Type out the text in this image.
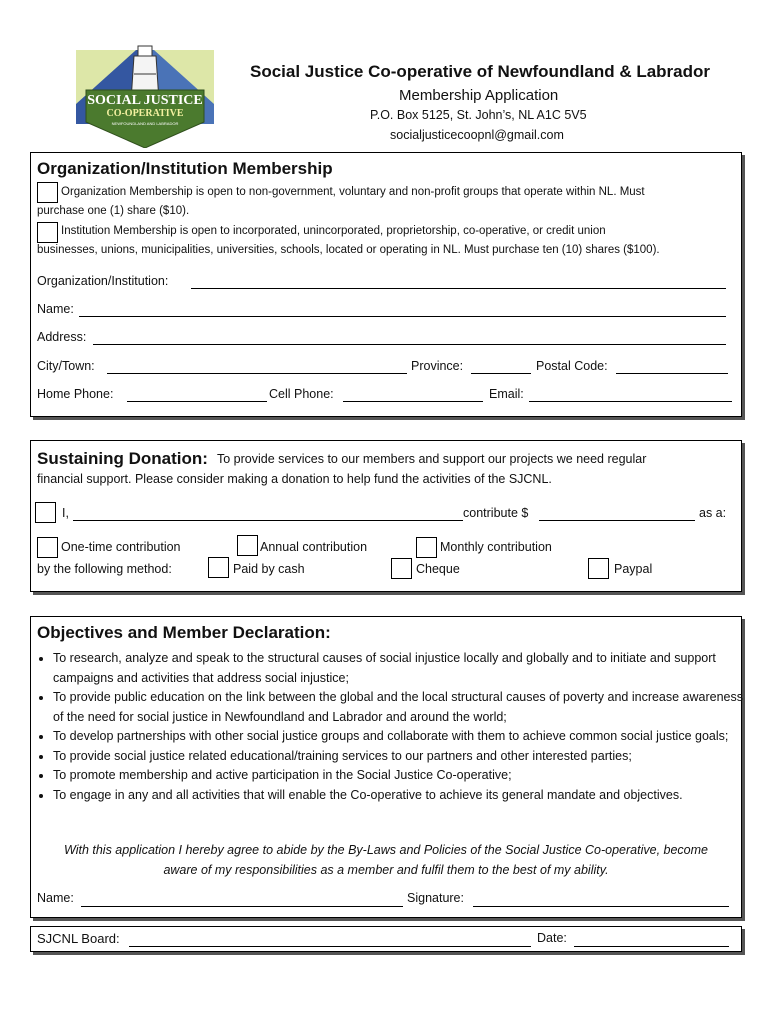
SOCIAL JUSTICE
CO-OPERATIVE
NEWFOUNDLAND AND LABRADOR
Social Justice Co-operative of Newfoundland & Labrador
Membership Application
P.O. Box 5125, St. John’s, NL A1C 5V5
socialjusticecoopnl@gmail.com
Organization/Institution Membership
Organization Membership is open to non-government, voluntary and non-profit groups that operate within NL. Must
purchase one (1) share ($10).
Institution Membership is open to incorporated, unincorporated, proprietorship, co-operative, or credit union
businesses, unions, municipalities, universities, schools, located or operating in NL. Must purchase ten (10) shares ($100).
Organization/Institution:
Name:
Address:
City/Town:	Province:	Postal Code:
Home Phone:	Cell Phone:	Email:
Sustaining Donation: To provide services to our members and support our projects we need regular
financial support. Please consider making a donation to help fund the activities of the SJCNL.
I,	contribute $	as a:
One-time contribution	Annual contribution	Monthly contribution
by the following method:	Paid by cash	Cheque	Paypal
Objectives and Member Declaration:
• To research, analyze and speak to the structural causes of social injustice locally and globally and to initiate and support campaigns and activities that address social injustice;
• To provide public education on the link between the global and the local structural causes of poverty and increase awareness of the need for social justice in Newfoundland and Labrador and around the world;
• To develop partnerships with other social justice groups and collaborate with them to achieve common social justice goals;
• To provide social justice related educational/training services to our partners and other interested parties;
• To promote membership and active participation in the Social Justice Co-operative;
• To engage in any and all activities that will enable the Co-operative to achieve its general mandate and objectives.
With this application I hereby agree to abide by the By-Laws and Policies of the Social Justice Co-operative, become aware of my responsibilities as a member and fulfil them to the best of my ability.
Name:	Signature:
SJCNL Board:	Date:
